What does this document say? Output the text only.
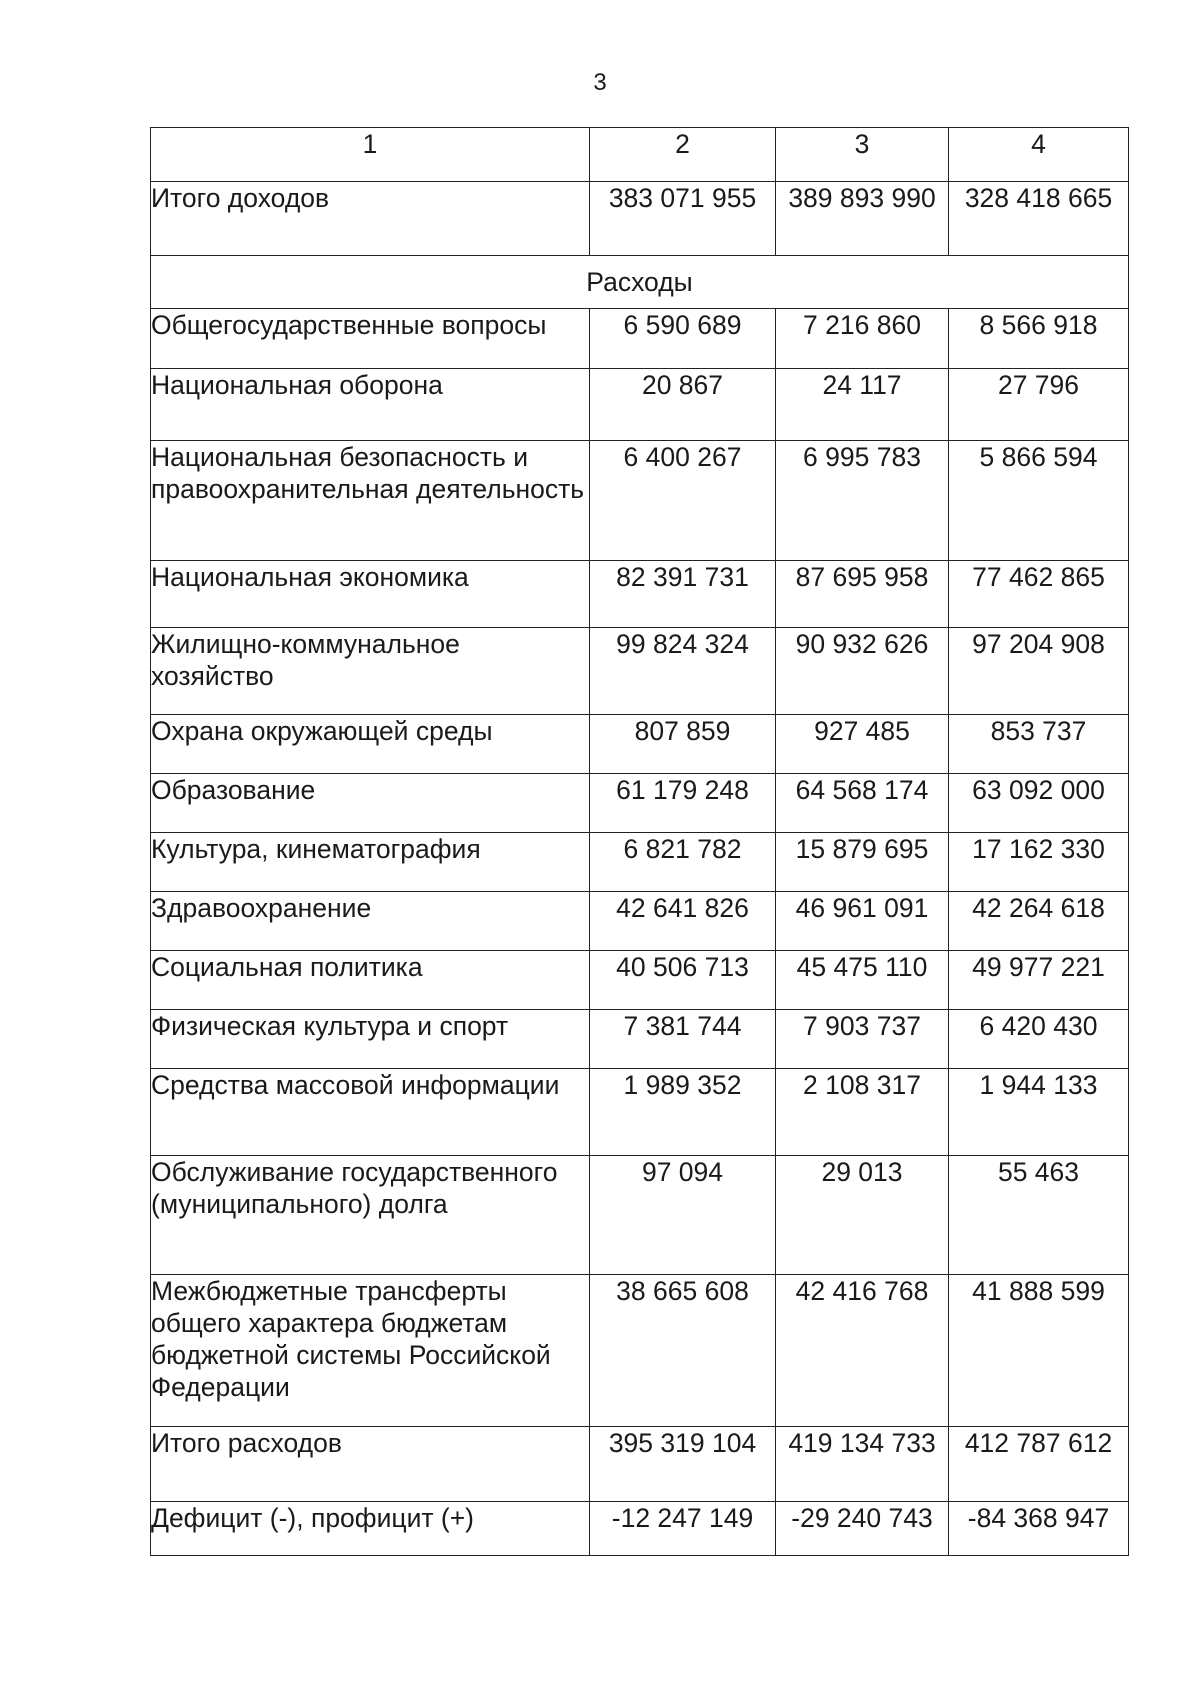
3
1	2	3	4
Итого доходов	383 071 955	389 893 990	328 418 665
Расходы			
Общегосударственные вопросы	6 590 689	7 216 860	8 566 918
Национальная оборона	20 867	24 117	27 796
Национальная безопасность и правоохранительная деятельность	6 400 267	6 995 783	5 866 594
Национальная экономика	82 391 731	87 695 958	77 462 865
Жилищно-коммунальное хозяйство	99 824 324	90 932 626	97 204 908
Охрана окружающей среды	807 859	927 485	853 737
Образование	61 179 248	64 568 174	63 092 000
Культура, кинематография	6 821 782	15 879 695	17 162 330
Здравоохранение	42 641 826	46 961 091	42 264 618
Социальная политика	40 506 713	45 475 110	49 977 221
Физическая культура и спорт	7 381 744	7 903 737	6 420 430
Средства массовой информации	1 989 352	2 108 317	1 944 133
Обслуживание государственного (муниципального) долга	97 094	29 013	55 463
Межбюджетные трансферты общего характера бюджетам бюджетной системы Российской Федерации	38 665 608	42 416 768	41 888 599
Итого расходов	395 319 104	419 134 733	412 787 612
Дефицит (-), профицит (+)	-12 247 149	-29 240 743	-84 368 947
